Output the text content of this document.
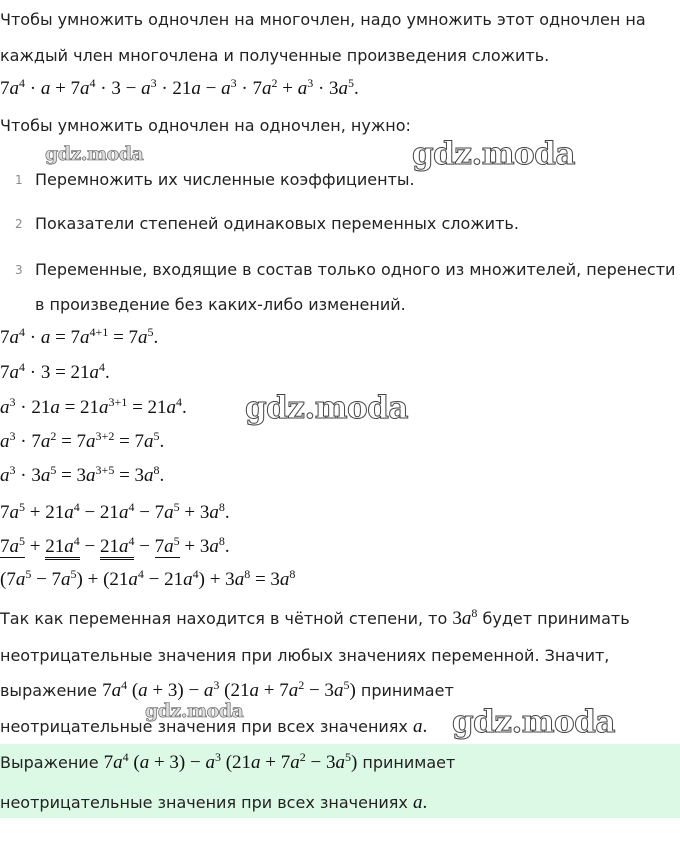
Чтобы умножить одночлен на многочлен, надо умножить этот одночлен на
каждый член многочлена и полученные произведения сложить.
$7a^4 \cdot a + 7a^4 \cdot 3 - a^3 \cdot 21a - a^3 \cdot 7a^2 + a^3 \cdot 3a^5$.
Чтобы умножить одночлен на одночлен, нужно:
1 Перемножить их численные коэффициенты.
2 Показатели степеней одинаковых переменных сложить.
3 Переменные, входящие в состав только одного из множителей, перенести
в произведение без каких-либо изменений.
$7a^4 \cdot a = 7a^{4+1} = 7a^5$.
$7a^4 \cdot 3 = 21a^4$.
$a^3 \cdot 21a = 21a^{3+1} = 21a^4$.
$a^3 \cdot 7a^2 = 7a^{3+2} = 7a^5$.
$a^3 \cdot 3a^5 = 3a^{3+5} = 3a^8$.
$7a^5 + 21a^4 - 21a^4 - 7a^5 + 3a^8$.
$7a^5 + 21a^4 - 21a^4 - 7a^5 + 3a^8$.
$(7a^5 - 7a^5) + (21a^4 - 21a^4) + 3a^8 = 3a^8$
Так как переменная находится в чётной степени, то $3a^8$ будет принимать
неотрицательные значения при любых значениях переменной. Значит,
выражение $7a^4$ $(a + 3) - a^3$ $(21a + 7a^2 - 3a^5)$ принимает
неотрицательные значения при всех значениях a.
Выражение $7a^4$ $(a + 3) - a^3$ $(21a + 7a^2 - 3a^5)$ принимает
неотрицательные значения при всех значениях a.
gdz.moda	gdz.moda
gdz.moda
gdz.moda	gdz.moda
